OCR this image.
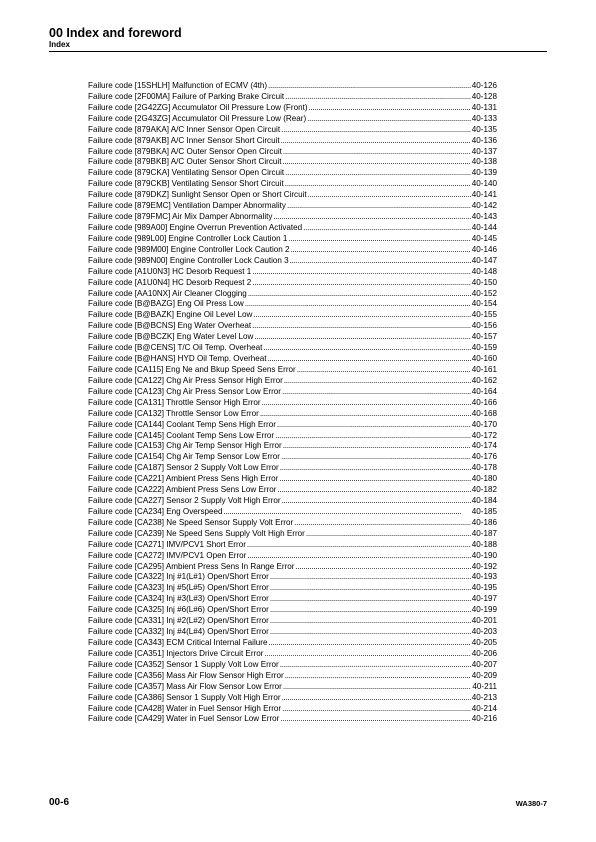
00 Index and foreword
Index
Failure code [15SHLH] Malfunction of ECMV (4th) . . .	40-126
Failure code [2F00MA] Failure of Parking Brake Circuit . . .	40-128
Failure code [2G42ZG] Accumulator Oil Pressure Low (Front) . . .	40-131
Failure code [2G43ZG] Accumulator Oil Pressure Low (Rear) . . .	40-133
Failure code [879AKA] A/C Inner Sensor Open Circuit . . .	40-135
Failure code [879AKB] A/C Inner Sensor Short Circuit . . .	40-136
Failure code [879BKA] A/C Outer Sensor Open Circuit . . .	40-137
Failure code [879BKB] A/C Outer Sensor Short Circuit . . .	40-138
Failure code [879CKA] Ventilating Sensor Open Circuit . . .	40-139
Failure code [879CKB] Ventilating Sensor Short Circuit . . .	40-140
Failure code [879DKZ] Sunlight Sensor Open or Short Circuit . . .	40-141
Failure code [879EMC] Ventilation Damper Abnormality . . .	40-142
Failure code [879FMC] Air Mix Damper Abnormality . . .	40-143
Failure code [989A00] Engine Overrun Prevention Activated . . .	40-144
Failure code [989L00] Engine Controller Lock Caution 1 . . .	40-145
Failure code [989M00] Engine Controller Lock Caution 2 . . .	40-146
Failure code [989N00] Engine Controller Lock Caution 3 . . .	40-147
Failure code [A1U0N3] HC Desorb Request 1 . . .	40-148
Failure code [A1U0N4] HC Desorb Request 2 . . .	40-150
Failure code [AA10NX] Air Cleaner Clogging . . .	40-152
Failure code [B@BAZG] Eng Oil Press Low . . .	40-154
Failure code [B@BAZK] Engine Oil Level Low . . .	40-155
Failure code [B@BCNS] Eng Water Overheat . . .	40-156
Failure code [B@BCZK] Eng Water Level Low . . .	40-157
Failure code [B@CENS] T/C Oil Temp. Overheat . . .	40-159
Failure code [B@HANS] HYD Oil Temp. Overheat . . .	40-160
Failure code [CA115] Eng Ne and Bkup Speed Sens Error . . .	40-161
Failure code [CA122] Chg Air Press Sensor High Error . . .	40-162
Failure code [CA123] Chg Air Press Sensor Low Error . . .	40-164
Failure code [CA131] Throttle Sensor High Error . . .	40-166
Failure code [CA132] Throttle Sensor Low Error . . .	40-168
Failure code [CA144] Coolant Temp Sens High Error . . .	40-170
Failure code [CA145] Coolant Temp Sens Low Error . . .	40-172
Failure code [CA153] Chg Air Temp Sensor High Error . . .	40-174
Failure code [CA154] Chg Air Temp Sensor Low Error . . .	40-176
Failure code [CA187] Sensor 2 Supply Volt Low Error . . .	40-178
Failure code [CA221] Ambient Press Sens High Error . . .	40-180
Failure code [CA222] Ambient Press Sens Low Error . . .	40-182
Failure code [CA227] Sensor 2 Supply Volt High Error . . .	40-184
Failure code [CA234] Eng Overspeed . . .	40-185
Failure code [CA238] Ne Speed Sensor Supply Volt Error . . .	40-186
Failure code [CA239] Ne Speed Sens Supply Volt High Error . . .	40-187
Failure code [CA271] IMV/PCV1 Short Error . . .	40-188
Failure code [CA272] IMV/PCV1 Open Error . . .	40-190
Failure code [CA295] Ambient Press Sens In Range Error . . .	40-192
Failure code [CA322] Inj #1(L#1) Open/Short Error . . .	40-193
Failure code [CA323] Inj #5(L#5) Open/Short Error . . .	40-195
Failure code [CA324] Inj #3(L#3) Open/Short Error . . .	40-197
Failure code [CA325] Inj #6(L#6) Open/Short Error . . .	40-199
Failure code [CA331] Inj #2(L#2) Open/Short Error . . .	40-201
Failure code [CA332] Inj #4(L#4) Open/Short Error . . .	40-203
Failure code [CA343] ECM Critical Internal Failure . . .	40-205
Failure code [CA351] Injectors Drive Circuit Error . . .	40-206
Failure code [CA352] Sensor 1 Supply Volt Low Error . . .	40-207
Failure code [CA356] Mass Air Flow Sensor High Error . . .	40-209
Failure code [CA357] Mass Air Flow Sensor Low Error . . .	40-211
Failure code [CA386] Sensor 1 Supply Volt High Error . . .	40-213
Failure code [CA428] Water in Fuel Sensor High Error . . .	40-214
Failure code [CA429] Water in Fuel Sensor Low Error . . .	40-216
00-6	WA380-7
